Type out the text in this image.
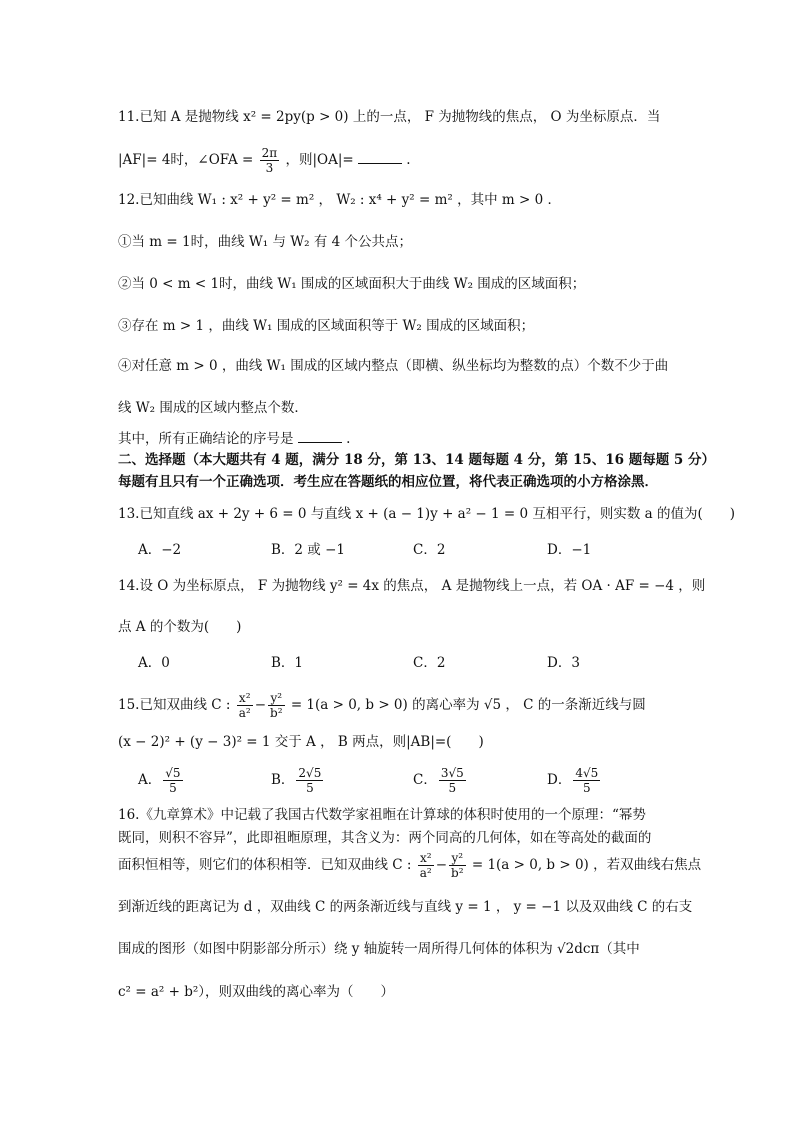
11.已知 A 是抛物线 x² = 2py(p > 0) 上的一点， F 为抛物线的焦点， O 为坐标原点．当
|AF|= 4时，∠OFA = $\frac{2\pi}{3}$ ，则|OA|=	.
12.已知曲线 W₁ : x² + y² = m² ， W₂ : x⁴ + y² = m² ，其中 m > 0 ．
①当 m = 1时，曲线 W₁ 与 W₂ 有 4 个公共点；
②当 0 < m < 1时，曲线 W₁ 围成的区域面积大于曲线 W₂ 围成的区域面积；
③存在 m > 1 ，曲线 W₁ 围成的区域面积等于 W₂ 围成的区域面积；
④对任意 m > 0 ，曲线 W₁ 围成的区域内整点（即横、纵坐标均为整数的点）个数不少于曲
线 W₂ 围成的区域内整点个数．
其中，所有正确结论的序号是	.
二、选择题（本大题共有 4 题，满分 18 分，第 13、14 题每题 4 分，第 15、16 题每题 5 分）
每题有且只有一个正确选项．考生应在答题纸的相应位置，将代表正确选项的小方格涂黑．
13.已知直线 ax + 2y + 6 = 0 与直线 x + (a − 1)y + a² − 1 = 0 互相平行，则实数 a 的值为(　　)
A．−2	B．2 或 −1	C．2	D．−1
14.设 O 为坐标原点， F 为抛物线 y² = 4x 的焦点， A 是抛物线上一点，若 OA · AF = −4 ，则
点 A 的个数为(　　)
A．0	B．1	C．2	D．3
15.已知双曲线 C : $\frac{\text{x²}}{\text{a²}} - \frac{\text{y²}}{\text{b²}} = 1(a > 0$, b > 0) 的离心率为 √5 ， C 的一条渐近线与圆
(x − 2)² + (y − 3)² = 1 交于 A ， B 两点，则|AB|=(　　)
A． $\frac{√5}{5}$	B． $\frac{2√5}{5}$	C． $\frac{3√5}{5}$	D． $\frac{4√5}{5}$
16.《九章算术》中记载了我国古代数学家祖暅在计算球的体积时使用的一个原理：“幂势
既同，则积不容异”，此即祖暅原理，其含义为：两个同高的几何体，如在等高处的截面的
面积恒相等，则它们的体积相等．已知双曲线 C : $\frac{\text{x²}}{\text{a²}} - \frac{\text{y²}}{\text{b²}} = 1(a > 0$, b > 0) ，若双曲线右焦点
到渐近线的距离记为 d ，双曲线 C 的两条渐近线与直线 y = 1 ， y = −1 以及双曲线 C 的右支
围成的图形（如图中阴影部分所示）绕 y 轴旋转一周所得几何体的体积为 √2dcπ（其中
c² = a² + b²），则双曲线的离心率为（　　）
